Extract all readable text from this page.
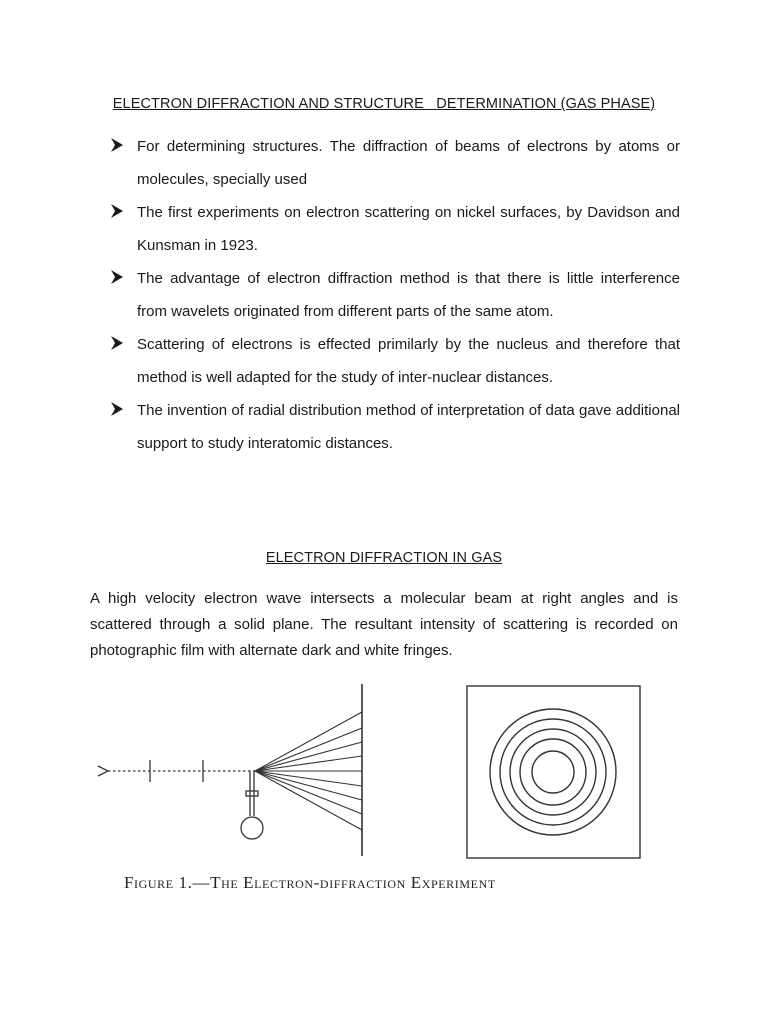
ELECTRON DIFFRACTION AND STRUCTURE   DETERMINATION (GAS PHASE)
For determining structures. The diffraction of beams of electrons by atoms or molecules, specially used
The first experiments on electron scattering on nickel surfaces, by Davidson and Kunsman in 1923.
The advantage of electron diffraction method is that there is little interference from wavelets originated from different parts of the same atom.
Scattering of electrons is effected primilarly by the nucleus and therefore that method is well adapted for the study of inter-nuclear distances.
The invention of radial distribution method of interpretation of data gave additional support to study interatomic distances.
ELECTRON DIFFRACTION IN GAS

A high velocity electron wave intersects a molecular beam at right angles and is scattered through a solid plane. The resultant intensity of scattering is recorded on photographic film with alternate dark and white fringes.

Figure 1.—The Electron-diffraction Experiment
